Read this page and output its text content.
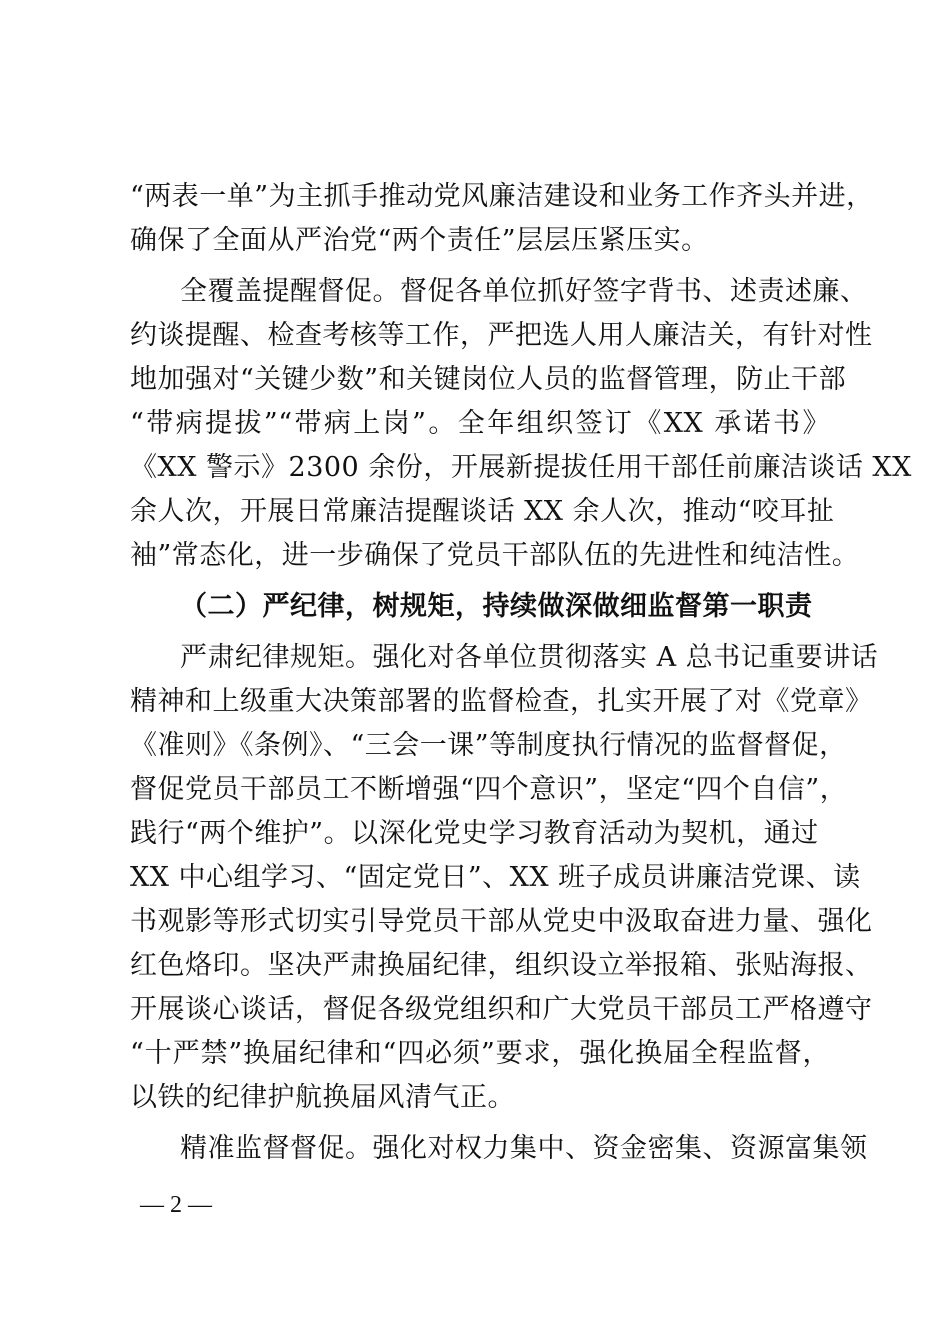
“两表一单”为主抓手推动党风廉洁建设和业务工作齐头并进，
确保了全面从严治党“两个责任”层层压紧压实。
全覆盖提醒督促。督促各单位抓好签字背书、述责述廉、
约谈提醒、检查考核等工作，严把选人用人廉洁关，有针对性
地加强对“关键少数”和关键岗位人员的监督管理，防止干部
“带病提拔”“带病上岗”。全年组织签订《XX 承诺书》
《XX 警示》2300 余份，开展新提拔任用干部任前廉洁谈话 XX
余人次，开展日常廉洁提醒谈话 XX 余人次，推动“咬耳扯
袖”常态化，进一步确保了党员干部队伍的先进性和纯洁性。
（二）严纪律，树规矩，持续做深做细监督第一职责
严肃纪律规矩。强化对各单位贯彻落实 A 总书记重要讲话
精神和上级重大决策部署的监督检查，扎实开展了对《党章》
《准则》《条例》、“三会一课”等制度执行情况的监督督促，
督促党员干部员工不断增强“四个意识”，坚定“四个自信”，
践行“两个维护”。以深化党史学习教育活动为契机，通过
XX 中心组学习、“固定党日”、XX 班子成员讲廉洁党课、读
书观影等形式切实引导党员干部从党史中汲取奋进力量、强化
红色烙印。坚决严肃换届纪律，组织设立举报箱、张贴海报、
开展谈心谈话，督促各级党组织和广大党员干部员工严格遵守
“十严禁”换届纪律和“四必须”要求，强化换届全程监督，
以铁的纪律护航换届风清气正。
精准监督督促。强化对权力集中、资金密集、资源富集领
— 2 —
